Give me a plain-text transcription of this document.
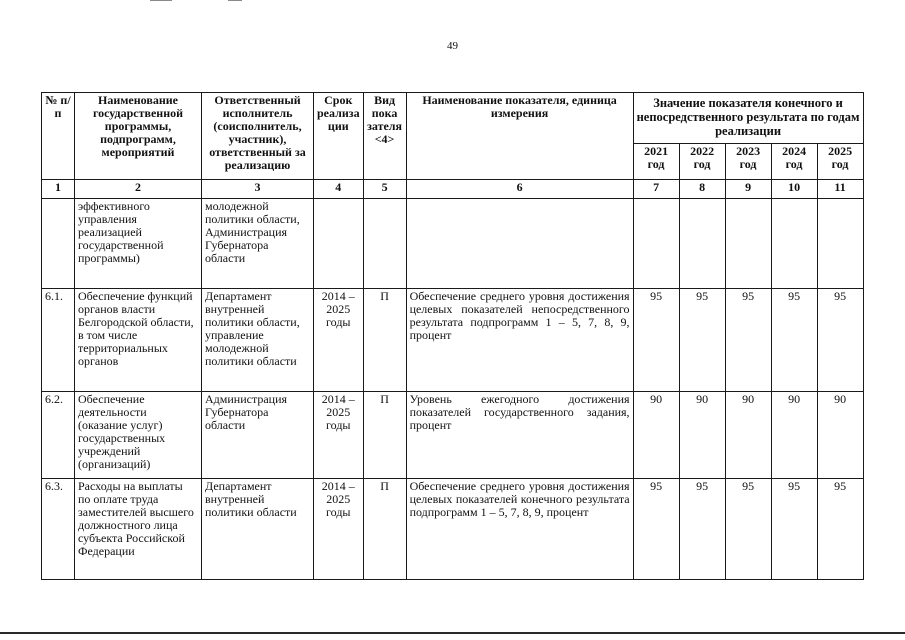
49
№ п/п	Наименование государственной программы, подпрограмм, мероприятий	Ответственный исполнитель (соисполнитель, участник), ответственный за реализацию	Срок реализа ции	Вид пока зателя <4>	Наименование показателя, единица измерения	Значение показателя конечного и непосредственного результата по годам реализации				
						2021 год	2022 год	2023 год	2024 год	2025 год
1	2	3	4	5	6	7	8	9	10	11
	эффективного управления реализацией государственной программы)	молодежной политики области, Администрация Губернатора области								
6.1.	Обеспечение функций органов власти Белгородской области, в том числе территориальных органов	Департамент внутренней политики области, управление молодежной политики области	2014 – 2025 годы	П	Обеспечение среднего уровня достижения целевых показателей непосредственного результата подпрограмм 1 – 5, 7, 8, 9, процент	95	95	95	95	95
6.2.	Обеспечение деятельности (оказание услуг) государственных учреждений (организаций)	Администрация Губернатора области	2014 – 2025 годы	П	Уровень ежегодного достижения показателей государственного задания, процент	90	90	90	90	90
6.3.	Расходы на выплаты по оплате труда заместителей высшего должностного лица субъекта Российской Федерации	Департамент внутренней политики области	2014 – 2025 годы	П	Обеспечение среднего уровня достижения целевых показателей конечного результата подпрограмм 1 – 5, 7, 8, 9, процент	95	95	95	95	95
